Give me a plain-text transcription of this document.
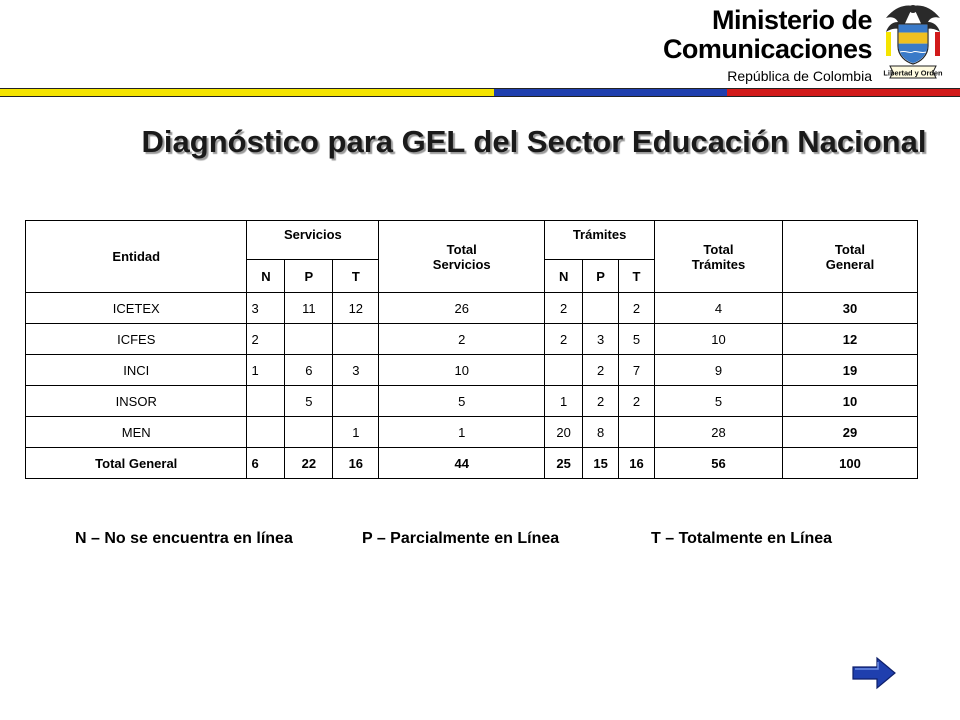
Ministerio de
Comunicaciones
República de Colombia Libertad y Orden
Diagnóstico para GEL del Sector Educación Nacional
Entidad	Servicios			Total Servicios	Trámites			Total Trámites	Total General
	N	P	T		N	P	T		
ICETEX	3	11	12	26	2		2	4	30
ICFES	2			2	2	3	5	10	12
INCI	1	6	3	10		2	7	9	19
INSOR		5		5	1	2	2	5	10
MEN			1	1	20	8		28	29
Total General	6	22	16	44	25	15	16	56	100
N – No se encuentra en línea	P – Parcialmente en Línea	T – Totalmente en Línea
